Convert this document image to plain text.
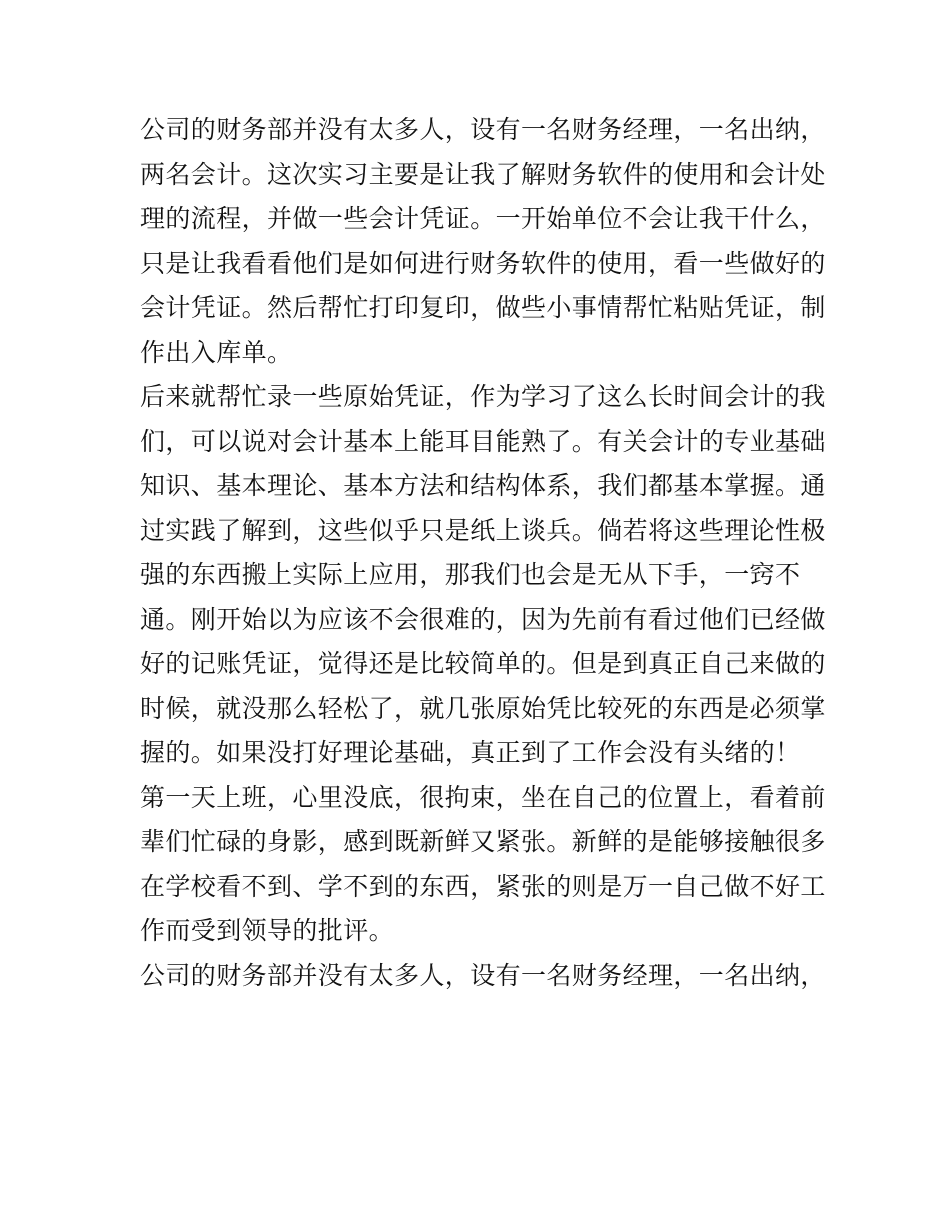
公司的财务部并没有太多人，设有一名财务经理，一名出纳，
两名会计。这次实习主要是让我了解财务软件的使用和会计处
理的流程，并做一些会计凭证。一开始单位不会让我干什么，
只是让我看看他们是如何进行财务软件的使用，看一些做好的
会计凭证。然后帮忙打印复印，做些小事情帮忙粘贴凭证，制
作出入库单。
后来就帮忙录一些原始凭证，作为学习了这么长时间会计的我
们，可以说对会计基本上能耳目能熟了。有关会计的专业基础
知识、基本理论、基本方法和结构体系，我们都基本掌握。通
过实践了解到，这些似乎只是纸上谈兵。倘若将这些理论性极
强的东西搬上实际上应用，那我们也会是无从下手，一窍不
通。刚开始以为应该不会很难的，因为先前有看过他们已经做
好的记账凭证，觉得还是比较简单的。但是到真正自己来做的
时候，就没那么轻松了，就几张原始凭比较死的东西是必须掌
握的。如果没打好理论基础，真正到了工作会没有头绪的！
第一天上班，心里没底，很拘束，坐在自己的位置上，看着前
辈们忙碌的身影，感到既新鲜又紧张。新鲜的是能够接触很多
在学校看不到、学不到的东西，紧张的则是万一自己做不好工
作而受到领导的批评。
公司的财务部并没有太多人，设有一名财务经理，一名出纳，
